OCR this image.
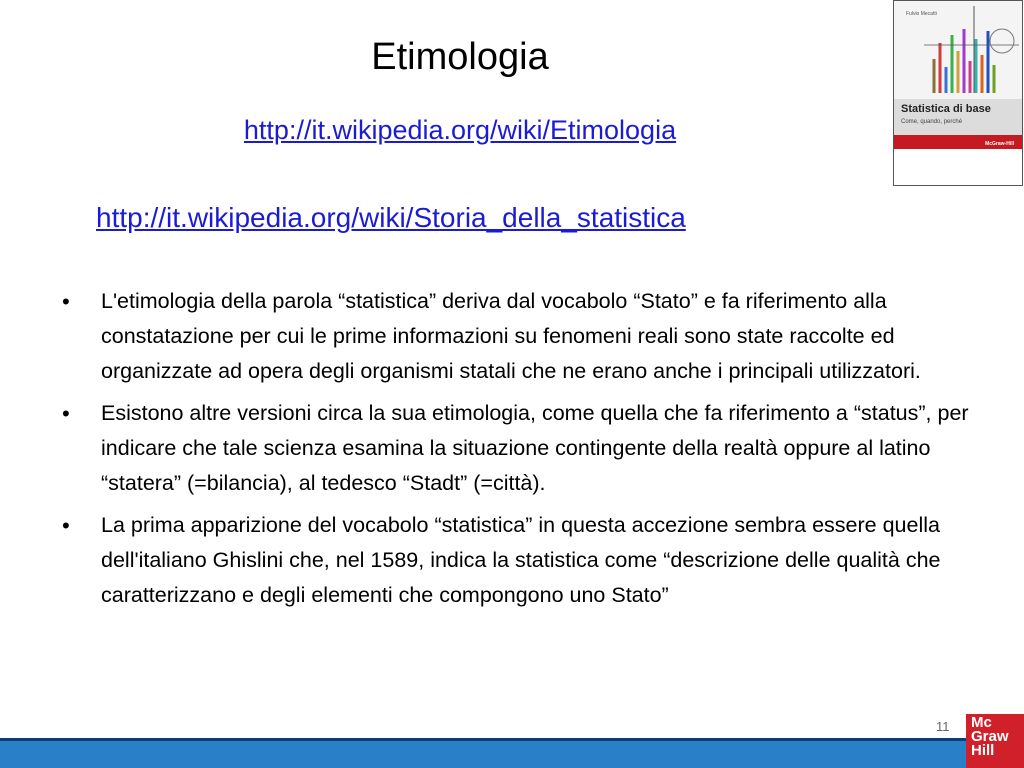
Etimologia
http://it.wikipedia.org/wiki/Etimologia
http://it.wikipedia.org/wiki/Storia_della_statistica
• L'etimologia della parola “statistica” deriva dal vocabolo “Stato” e fa riferimento alla constatazione per cui le prime informazioni su fenomeni reali sono state raccolte ed organizzate ad opera degli organismi statali che ne erano anche i principali utilizzatori.
• Esistono altre versioni circa la sua etimologia, come quella che fa riferimento a “status”, per indicare che tale scienza esamina la situazione contingente della realtà oppure al latino “statera” (=bilancia), al tedesco “Stadt” (=città).
• La prima apparizione del vocabolo “statistica” in questa accezione sembra essere quella dell'italiano Ghislini che, nel 1589, indica la statistica come “descrizione delle qualità che caratterizzano e degli elementi che compongono uno Stato”
Fulvio Mecatti
Statistica di base
Come, quando, perché
McGraw-Hill
11 Mc
Graw
Hill
